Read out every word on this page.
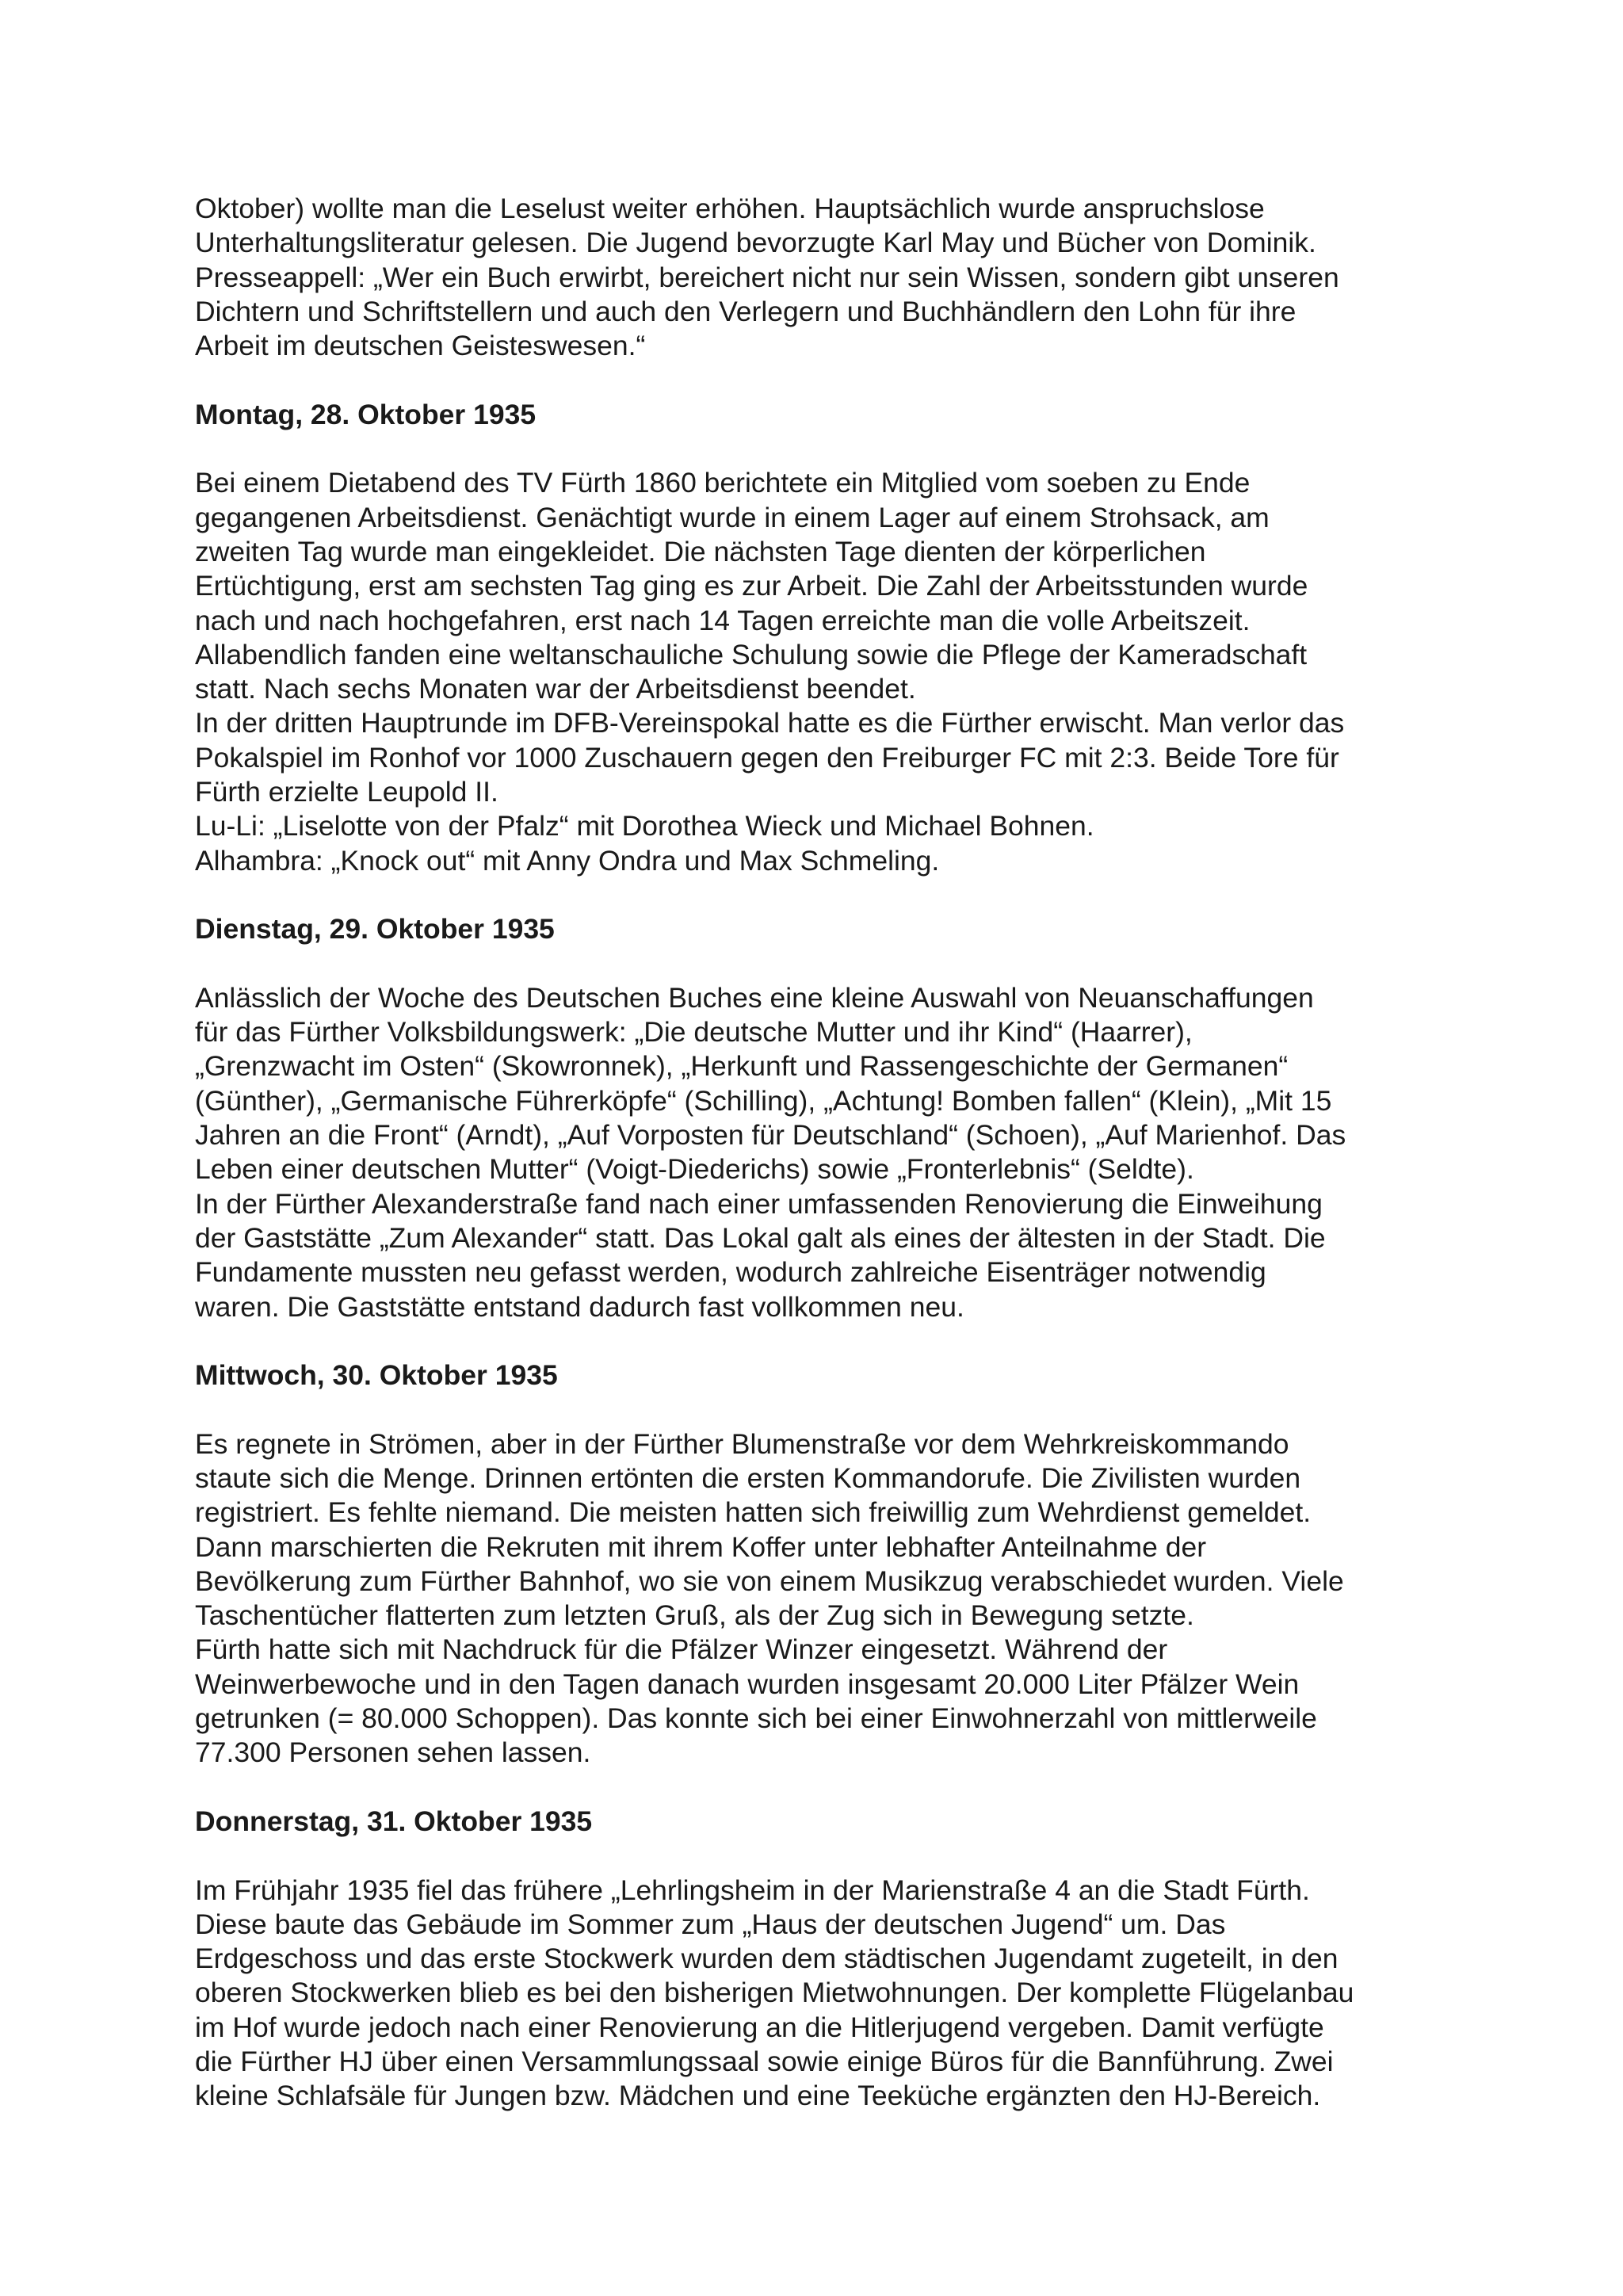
Oktober) wollte man die Leselust weiter erhöhen. Hauptsächlich wurde anspruchslose
Unterhaltungsliteratur gelesen. Die Jugend bevorzugte Karl May und Bücher von Dominik.
Presseappell: „Wer ein Buch erwirbt, bereichert nicht nur sein Wissen, sondern gibt unseren
Dichtern und Schriftstellern und auch den Verlegern und Buchhändlern den Lohn für ihre
Arbeit im deutschen Geisteswesen.“
Montag, 28. Oktober 1935
Bei einem Dietabend des TV Fürth 1860 berichtete ein Mitglied vom soeben zu Ende
gegangenen Arbeitsdienst. Genächtigt wurde in einem Lager auf einem Strohsack, am
zweiten Tag wurde man eingekleidet. Die nächsten Tage dienten der körperlichen
Ertüchtigung, erst am sechsten Tag ging es zur Arbeit. Die Zahl der Arbeitsstunden wurde
nach und nach hochgefahren, erst nach 14 Tagen erreichte man die volle Arbeitszeit.
Allabendlich fanden eine weltanschauliche Schulung sowie die Pflege der Kameradschaft
statt. Nach sechs Monaten war der Arbeitsdienst beendet.
In der dritten Hauptrunde im DFB-Vereinspokal hatte es die Fürther erwischt. Man verlor das
Pokalspiel im Ronhof vor 1000 Zuschauern gegen den Freiburger FC mit 2:3. Beide Tore für
Fürth erzielte Leupold II.
Lu-Li: „Liselotte von der Pfalz“ mit Dorothea Wieck und Michael Bohnen.
Alhambra: „Knock out“ mit Anny Ondra und Max Schmeling.
Dienstag, 29. Oktober 1935
Anlässlich der Woche des Deutschen Buches eine kleine Auswahl von Neuanschaffungen
für das Fürther Volksbildungswerk: „Die deutsche Mutter und ihr Kind“ (Haarrer),
„Grenzwacht im Osten“ (Skowronnek), „Herkunft und Rassengeschichte der Germanen“
(Günther), „Germanische Führerköpfe“ (Schilling), „Achtung! Bomben fallen“ (Klein), „Mit 15
Jahren an die Front“ (Arndt), „Auf Vorposten für Deutschland“ (Schoen), „Auf Marienhof. Das
Leben einer deutschen Mutter“ (Voigt-Diederichs) sowie „Fronterlebnis“ (Seldte).
In der Fürther Alexanderstraße fand nach einer umfassenden Renovierung die Einweihung
der Gaststätte „Zum Alexander“ statt. Das Lokal galt als eines der ältesten in der Stadt. Die
Fundamente mussten neu gefasst werden, wodurch zahlreiche Eisenträger notwendig
waren. Die Gaststätte entstand dadurch fast vollkommen neu.
Mittwoch, 30. Oktober 1935
Es regnete in Strömen, aber in der Fürther Blumenstraße vor dem Wehrkreiskommando
staute sich die Menge. Drinnen ertönten die ersten Kommandorufe. Die Zivilisten wurden
registriert. Es fehlte niemand. Die meisten hatten sich freiwillig zum Wehrdienst gemeldet.
Dann marschierten die Rekruten mit ihrem Koffer unter lebhafter Anteilnahme der
Bevölkerung zum Fürther Bahnhof, wo sie von einem Musikzug verabschiedet wurden. Viele
Taschentücher flatterten zum letzten Gruß, als der Zug sich in Bewegung setzte.
Fürth hatte sich mit Nachdruck für die Pfälzer Winzer eingesetzt. Während der
Weinwerbewoche und in den Tagen danach wurden insgesamt 20.000 Liter Pfälzer Wein
getrunken (= 80.000 Schoppen). Das konnte sich bei einer Einwohnerzahl von mittlerweile
77.300 Personen sehen lassen.
Donnerstag, 31. Oktober 1935
Im Frühjahr 1935 fiel das frühere „Lehrlingsheim in der Marienstraße 4 an die Stadt Fürth.
Diese baute das Gebäude im Sommer zum „Haus der deutschen Jugend“ um. Das
Erdgeschoss und das erste Stockwerk wurden dem städtischen Jugendamt zugeteilt, in den
oberen Stockwerken blieb es bei den bisherigen Mietwohnungen. Der komplette Flügelanbau
im Hof wurde jedoch nach einer Renovierung an die Hitlerjugend vergeben. Damit verfügte
die Fürther HJ über einen Versammlungssaal sowie einige Büros für die Bannführung. Zwei
kleine Schlafsäle für Jungen bzw. Mädchen und eine Teeküche ergänzten den HJ-Bereich.
